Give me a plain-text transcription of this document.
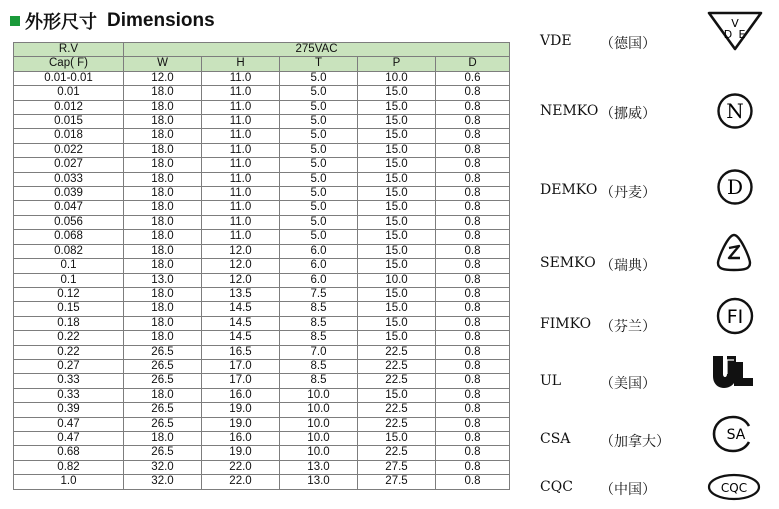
外形尺寸 Dimensions
R.V	275VAC				
Cap( F)	W	H	T	P	D
0.01-0.01	12.0	11.0	5.0	10.0	0.6
0.01	18.0	11.0	5.0	15.0	0.8
0.012	18.0	11.0	5.0	15.0	0.8
0.015	18.0	11.0	5.0	15.0	0.8
0.018	18.0	11.0	5.0	15.0	0.8
0.022	18.0	11.0	5.0	15.0	0.8
0.027	18.0	11.0	5.0	15.0	0.8
0.033	18.0	11.0	5.0	15.0	0.8
0.039	18.0	11.0	5.0	15.0	0.8
0.047	18.0	11.0	5.0	15.0	0.8
0.056	18.0	11.0	5.0	15.0	0.8
0.068	18.0	11.0	5.0	15.0	0.8
0.082	18.0	12.0	6.0	15.0	0.8
0.1	18.0	12.0	6.0	15.0	0.8
0.1	13.0	12.0	6.0	10.0	0.8
0.12	18.0	13.5	7.5	15.0	0.8
0.15	18.0	14.5	8.5	15.0	0.8
0.18	18.0	14.5	8.5	15.0	0.8
0.22	18.0	14.5	8.5	15.0	0.8
0.22	26.5	16.5	7.0	22.5	0.8
0.27	26.5	17.0	8.5	22.5	0.8
0.33	26.5	17.0	8.5	22.5	0.8
0.33	18.0	16.0	10.0	15.0	0.8
0.39	26.5	19.0	10.0	22.5	0.8
0.47	26.5	19.0	10.0	22.5	0.8
0.47	18.0	16.0	10.0	15.0	0.8
0.68	26.5	19.0	10.0	22.5	0.8
0.82	32.0	22.0	13.0	27.5	0.8
1.0	32.0	22.0	13.0	27.5	0.8
VDE （德国）
V
D E
NEMKO （挪威）	N
DEMKO （丹麦）	D
SEMKO （瑞典）
FIMKO （芬兰）	FI
UL	（美国）
CSA （加拿大）	SA
CQC （中国）	CQC
